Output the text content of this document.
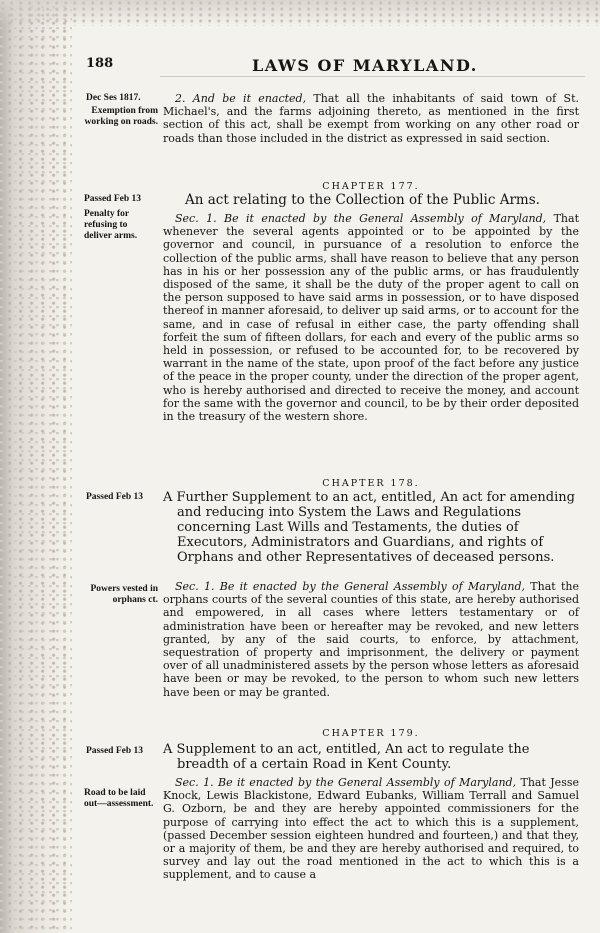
188	LAWS OF MARYLAND.

Dec Ses 1817.
Exemption from working on roads.

2. And be it enacted, That all the inhabitants of said town of St. Michael's, and the farms adjoining thereto, as mentioned in the first section of this act, shall be exempt from working on any other road or roads than those included in the district as expressed in said section.

CHAPTER 177.

Passed Feb 13
Penalty for refusing to deliver arms.

An act relating to the Collection of the Public Arms.

Sec. 1. Be it enacted by the General Assembly of Maryland, That whenever the several agents appointed or to be appointed by the governor and council, in pursuance of a resolution to enforce the collection of the public arms, shall have reason to believe that any person has in his or her possession any of the public arms, or has fraudulently disposed of the same, it shall be the duty of the proper agent to call on the person supposed to have said arms in possession, or to have disposed thereof in manner aforesaid, to deliver up said arms, or to account for the same, and in case of refusal in either case, the party offending shall forfeit the sum of fifteen dollars, for each and every of the public arms so held in possession, or refused to be accounted for, to be recovered by warrant in the name of the state, upon proof of the fact before any justice of the peace in the proper county, under the direction of the proper agent, who is hereby authorised and directed to receive the money, and account for the same with the governor and council, to be by their order deposited in the treasury of the western shore.

CHAPTER 178.

Passed Feb 13	A Further Supplement to an act, entitled, An act for amending and reducing into System the Laws and Regulations concerning Last Wills and Testaments, the duties of Executors, Administrators and Guardians, and rights of Orphans and other Representatives of deceased persons.

Powers vested in orphans ct.

Sec. 1. Be it enacted by the General Assembly of Maryland, That the orphans courts of the several counties of this state, are hereby authorised and empowered, in all cases where letters testamentary or of administration have been or hereafter may be revoked, and new letters granted, by any of the said courts, to enforce, by attachment, sequestration of property and imprisonment, the delivery or payment over of all unadministered assets by the person whose letters as aforesaid have been or may be revoked, to the person to whom such new letters have been or may be granted.

CHAPTER 179.

Passed Feb 13	A Supplement to an act, entitled, An act to regulate the breadth of a certain Road in Kent County.

Road to be laid out—assessment.

Sec. 1. Be it enacted by the General Assembly of Maryland, That Jesse Knock, Lewis Blackistone, Edward Eubanks, William Terrall and Samuel G. Ozborn, be and they are hereby appointed commissioners for the purpose of carrying into effect the act to which this is a supplement, (passed December session eighteen hundred and fourteen,) and that they, or a majority of them, be and they are hereby authorised and required, to survey and lay out the road mentioned in the act to which this is a supplement, and to cause a
